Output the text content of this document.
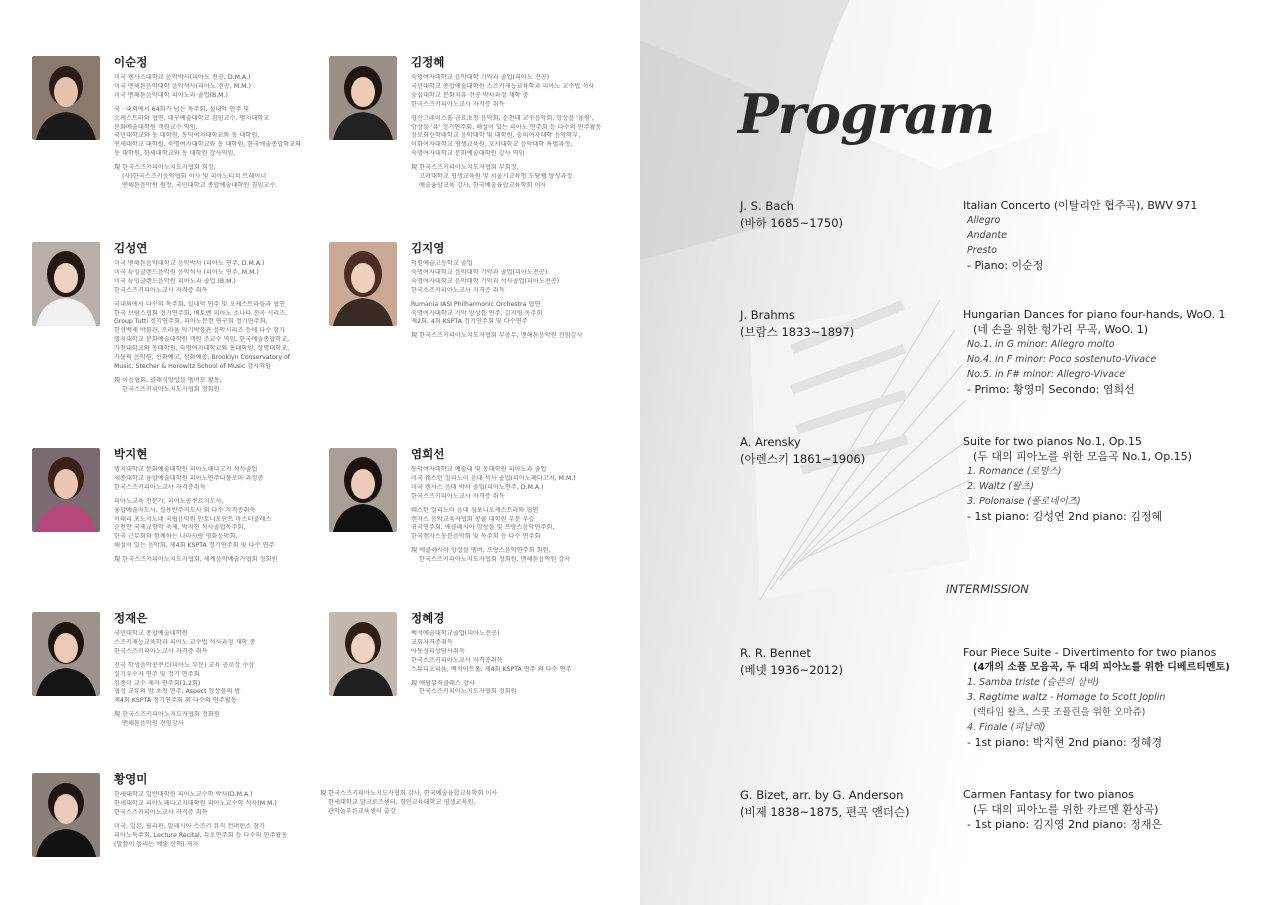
이순정
미국 캔사스대학교 음악박사(피아노 전공, D.M.A.)
미국 맨해튼음악대학 음악석사(피아노 전공, M.M.)
미국 맨해튼음악대학 피아노과 졸업(B.M.)
국 · 내외에서 64회가 넘는 독주회, 실내악 연주 및
오케스트라와 협연, 대구예술대학교 겸임교수, 명지대학교
문화예술대학원 객원교수 역임,
국민대학교와 동 대학원, 동덕여자대학교와 동 대학원,
연세대학교 대학원, 숙명여자대학교와 동 대학원, 한국예술종합학교와
동 대학원, 한세대학교와 동 대학원 강사역임,
現 한국스즈키피아노지도자협회 회장,
(사)한국스즈키음악협회 이사 및 피아노티쳐 트레이너
맨해튼음악원 원장, 국민대학교 종합예술대학원 겸임교수.
김정혜
숙명여자대학교 음악대학 기악과 졸업(피아노 전공)
국민대학교 종합예술대학원 스즈키재능교육학과 피아노 교수법 석사
숭실대학교 문화치유 전공 박사과정 재학 중
한국스즈키피아노교사 자격증 취득
영산그레이스홀 금요초청 음악회, 순천대 교수음악회, 앙상블 '율림',
앙상블 '유' 정기연주회, 해설이 있는 피아노 연주회 등 다수의 연주활동
장로회신학대학교 음악대학 및 대학원, 숭의여자대학 음악학부,
이화여자대학교 평생교육원, 호서대학교 음악대학 특별과정,
숙명여자대학교 문화예술대학원 강사 역임
現 한국스즈키피아노지도자협회 부회장,
고려대학교 평생교육원 및 서울시교육청 도담쌤 양성과정
예술융합교육 강사, 한국예술융합교육학회 이사
김성연
미국 맨해튼음악대학교 음악박사 (피아노 연주, D.M.A.)
미국 뉴잉글랜드음악원 음악석사 (피아노 연주, M.M.)
미국 뉴잉글랜드음악원 피아노과 졸업 (B.M.)
한국스즈키피아노교사 자격증 취득
국내외에서 다수의 독주회, 실내악 연주 및 오케스트라들과 협연
한국 브람스협회 정기연주회, 베토벤 피아노 소나타 전곡 시리즈,
Group Tutti 정기연주회, 피아노문헌 연구회 정기연주회,
한성백제 박물관, 프라움 악기박물관 음악시리즈 등에 다수 참가
명지대학교 문화예술대학원 객원 조교수 역임, 한국예술종합학교,
가천대학교와 동대학원, 숙명여자대학교와 동대학원, 상명대학교,
가톨릭 음악원, 선화예고, 선화예중, Brooklyn Conservatory of
Music, Stecher & Horowitz School of Music 강사역임
現 이음협회, 클래식앙상블 멤버로 활동,
한국스즈키피아노지도자협회 정회원
김지영
덕원예술고등학교 졸업
숙명여자대학교 음악대학 기악과 졸업(피아노전공)
숙명여자대학교 음악대학 기악과 석사졸업(피아노전공)
한국스즈키피아노교사 자격증 취득
Rumania IASI Philharmonic Orchestra 협연
숙명여자대학교 기악 앙상블 연주, 김지영 독주회
제2회, 4회 KSPTA 정기연주회 및 다수연주
現 한국스즈키피아노지도자협회 부총무, 맨해튼음악원 전임강사
박지현
명지대학교 문화예술대학원 피아노페다고지 석사졸업
세종대학교 융합예술대학원 피아노연주디플로마 과정중
한국스즈키피아노교사 자격증취득
피아노교육 전문가, 피아노콩쿠르지도사,
융합예술지도사, 실용반주지도사 외 다수 자격증취득
이태리 포노서노네 국립음악원 안토니오단트 마스터클래스
순천만 국제교향악 축제, 박지현 석사졸업독주회,
한국 근무회와 함께하는 나라사랑 평화음악회,
해설이 있는 음악회, 제4회 KSPTA 정기연주회 및 다수 연주
現 한국스즈키피아노지도자협회, 세계음악예술가협회 정회원
염희선
동덕여자대학교 예술대 및 동대학원 피아노과 졸업
미국 웨스턴 일리노이 음대 석사 졸업(피아노페다고지, M.M.)
미국 캔사스 음대 박사 졸업(피아노연주, D.M.A.)
한국스즈키피아노교사 자격증 취득
웨스턴 일리노이 음대 심포니오케스트라와 협연
캔자스 음악교육자협회 콩쿨 대학원 부문 우승
귀국연주회, 에클레시아 앙상블 및 프랑스음악연주회,
한국캔자스동문음악회 및 독주회 등 다수 연주회
現 에클레시아 앙상블 멤버, 프랑스음악연주회 회원,
한국스즈키피아노지도자협회 정회원, 맨해튼음악원 강사
정재은
국민대학교 종합예술대학원
스즈키재능교육학과 피아노 교수법 석사과정 재학 중
한국스즈키피아노교사 자격증 취득
전국 학생음악콩쿠르(피아노 부문) 교육 공로상 수상
실기우수자 연주 및 정기 연주회
김종미 교수 제자 연주회(1,2회)
협성 교류의 밤 초청 연주, Aspect 앙상블의 밤
제4회 KSPTA 정기연주회 외 다수의 연주활동
現 한국스즈키피아노지도자협회 정회원
맨해튼음악원 전임강사
정혜경
백석예술대학교졸업(피아노전공)
교회자격증취득
아동심리상담사취득
한국스즈키피아노교사 자격증취득
스튜디오리움, 백석아트홀, 제4회 KSPTA 연주 외 다수 연주
現 예담뮤직클래스 강사
한국스즈키피아노지도자협회 정회원
황영미
한세대학교 일반대학원 피아노교수학 박사(D.M.A.)
한세대학교 피아노페다고지대학원 피아노교수학 석사(M.M.)
한국스즈키피아노교사 자격증 취득
미국, 일본, 필리핀, 말레시아 스즈키 뮤직 컨퍼런스 참가
피아노독주회, Lecture Recital, 듀오연주회 등 다수의 연주활동
(말씀이 들리는 예술 산책) 저자
現 한국스즈키피아노지도자협회 감사, 한국예술융합교육학회 이사
한세대학교 달크로즈센터, 경인교육대학교 평생교육원,
관악놀푸른교육센터 출강
Program
J. S. Bach
(바하 1685~1750)
Italian Concerto (이탈리안 협주곡), BWV 971
Allegro
Andante
Presto
- Piano: 이순정
J. Brahms
(브람스 1833~1897)
Hungarian Dances for piano four-hands, WoO. 1
(네 손을 위한 헝가리 무곡, WoO. 1)
No.1. in G minor: Allegro molto
No.4. in F minor: Poco sostenuto-Vivace
No.5. in F# minor: Allegro-Vivace
- Primo: 황영미 Secondo: 염희선
A. Arensky
(아렌스키 1861~1906)
Suite for two pianos No.1, Op.15
(두 대의 피아노를 위한 모음곡 No.1, Op.15)
1. Romance (로망스)
2. Waltz (왈츠)
3. Polonaise (폴로네이즈)
- 1st piano: 김성연 2nd piano: 김정혜
INTERMISSION
R. R. Bennet
(베넷 1936~2012)
Four Piece Suite - Divertimento for two pianos
(4개의 소품 모음곡, 두 대의 피아노를 위한 디베르티멘토)
1. Samba triste (슬픈의 삼바)
3. Ragtime waltz - Homage to Scott Joplin
(랙타임 왈츠, 스콧 조플린을 위한 오마쥬)
4. Finale (피날레)
- 1st piano: 박지현 2nd piano: 정혜경
G. Bizet, arr. by G. Anderson
(비제 1838~1875, 편곡 앤더슨)
Carmen Fantasy for two pianos
(두 대의 피아노를 위한 카르멘 환상곡)
- 1st piano: 김지영 2nd piano: 정재은
